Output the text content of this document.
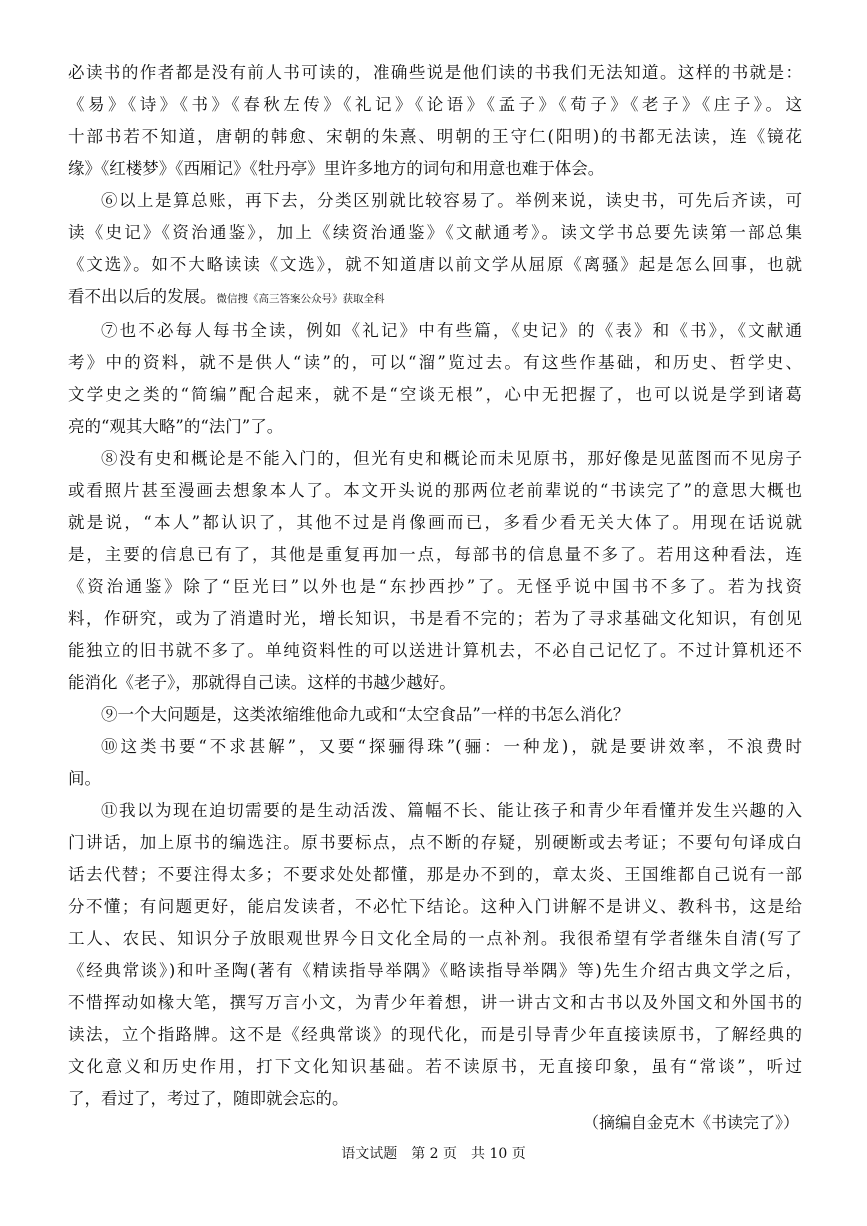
必读书的作者都是没有前人书可读的，准确些说是他们读的书我们无法知道。这样的书就是：
《易》《诗》《书》《春秋左传》《礼记》《论语》《孟子》《荀子》《老子》《庄子》。这
十部书若不知道，唐朝的韩愈、宋朝的朱熹、明朝的王守仁(阳明)的书都无法读，连《镜花
缘》《红楼梦》《西厢记》《牡丹亭》里许多地方的词句和用意也难于体会。
⑥以上是算总账，再下去，分类区别就比较容易了。举例来说，读史书，可先后齐读，可
读《史记》《资治通鉴》，加上《续资治通鉴》《文献通考》。读文学书总要先读第一部总集
《文选》。如不大略读读《文选》，就不知道唐以前文学从屈原《离骚》起是怎么回事，也就
看不出以后的发展。微信搜《高三答案公众号》获取全科
⑦也不必每人每书全读，例如《礼记》中有些篇，《史记》的《表》和《书》，《文献通
考》中的资料，就不是供人“读”的，可以“溜”览过去。有这些作基础，和历史、哲学史、
文学史之类的“简编”配合起来，就不是“空谈无根”，心中无把握了，也可以说是学到诸葛
亮的“观其大略”的“法门”了。
⑧没有史和概论是不能入门的，但光有史和概论而未见原书，那好像是见蓝图而不见房子
或看照片甚至漫画去想象本人了。本文开头说的那两位老前辈说的“书读完了”的意思大概也
就是说，“本人”都认识了，其他不过是肖像画而已，多看少看无关大体了。用现在话说就
是，主要的信息已有了，其他是重复再加一点，每部书的信息量不多了。若用这种看法，连
《资治通鉴》除了“臣光曰”以外也是“东抄西抄”了。无怪乎说中国书不多了。若为找资
料，作研究，或为了消遣时光，增长知识，书是看不完的；若为了寻求基础文化知识，有创见
能独立的旧书就不多了。单纯资料性的可以送进计算机去，不必自己记忆了。不过计算机还不
能消化《老子》，那就得自己读。这样的书越少越好。
⑨一个大问题是，这类浓缩维他命九或和“太空食品”一样的书怎么消化？
⑩这类书要“不求甚解”，又要“探骊得珠”(骊：一种龙)，就是要讲效率，不浪费时
间。
⑪我以为现在迫切需要的是生动活泼、篇幅不长、能让孩子和青少年看懂并发生兴趣的入
门讲话，加上原书的编选注。原书要标点，点不断的存疑，别硬断或去考证；不要句句译成白
话去代替；不要注得太多；不要求处处都懂，那是办不到的，章太炎、王国维都自己说有一部
分不懂；有问题更好，能启发读者，不必忙下结论。这种入门讲解不是讲义、教科书，这是给
工人、农民、知识分子放眼观世界今日文化全局的一点补剂。我很希望有学者继朱自清(写了
《经典常谈》)和叶圣陶(著有《精读指导举隅》《略读指导举隅》等)先生介绍古典文学之后，
不惜挥动如椽大笔，撰写万言小文，为青少年着想，讲一讲古文和古书以及外国文和外国书的
读法，立个指路牌。这不是《经典常谈》的现代化，而是引导青少年直接读原书，了解经典的
文化意义和历史作用，打下文化知识基础。若不读原书，无直接印象，虽有“常谈”，听过
了，看过了，考过了，随即就会忘的。
（摘编自金克木《书读完了》）
语文试题　第 2 页　共 10 页
